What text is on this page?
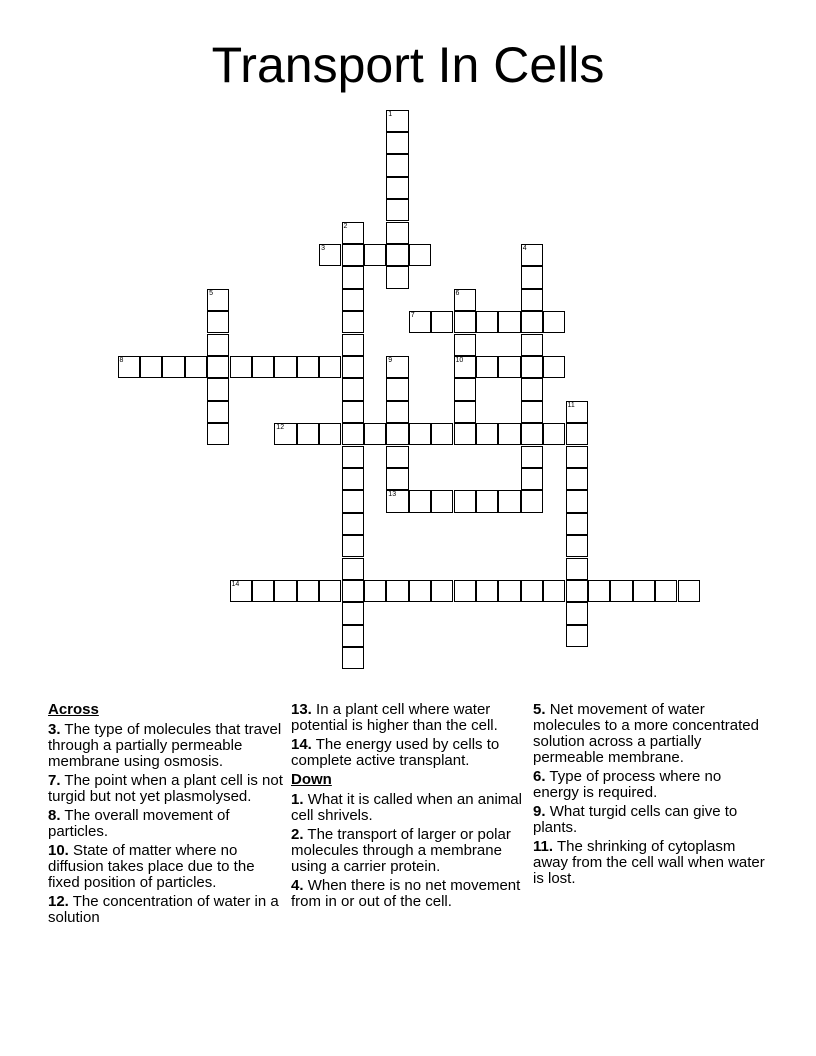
Transport In Cells
1
2
3	4
5	6
10
7
8	9
13
11
12
14
Across
3. The type of molecules that travel through a partially permeable membrane using osmosis.
7. The point when a plant cell is not turgid but not yet plasmolysed.
8. The overall movement of particles.
10. State of matter where no diffusion takes place due to the fixed position of particles.
12. The concentration of water in a solution
13. In a plant cell where water potential is higher than the cell.
14. The energy used by cells to complete active transplant.
Down
1. What it is called when an animal cell shrivels.
2. The transport of larger or polar molecules through a membrane using a carrier protein.
4. When there is no net movement from in or out of the cell.
5. Net movement of water molecules to a more concentrated solution across a partially permeable membrane.
6. Type of process where no energy is required.
9. What turgid cells can give to plants.
11. The shrinking of cytoplasm away from the cell wall when water is lost.
